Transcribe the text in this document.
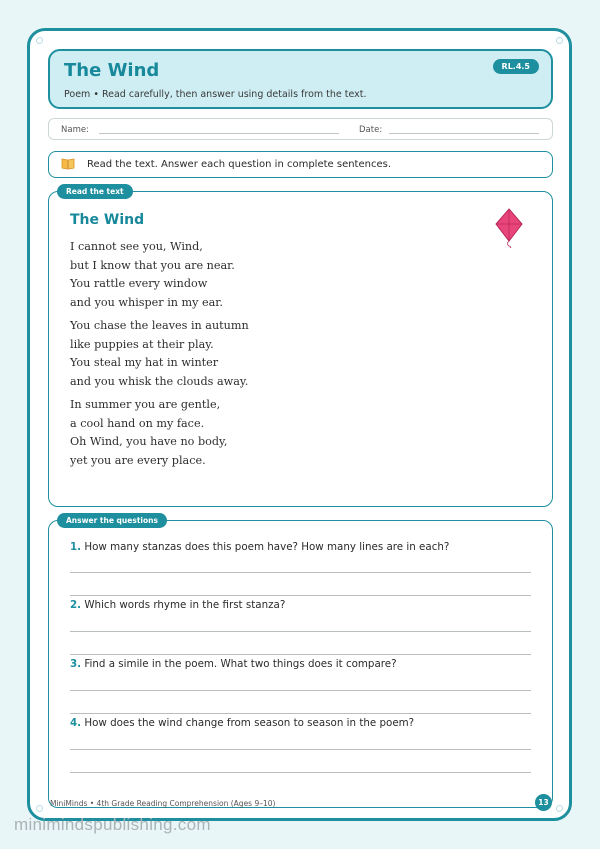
The Wind
Poem • Read carefully, then answer using details from the text.
RL.4.5
Name:	Date:
Read the text. Answer each question in complete sentences.
Read the text
The Wind
I cannot see you, Wind,
but I know that you are near.
You rattle every window
and you whisper in my ear.
You chase the leaves in autumn
like puppies at their play.
You steal my hat in winter
and you whisk the clouds away.
In summer you are gentle,
a cool hand on my face.
Oh Wind, you have no body,
yet you are every place.
Answer the questions
1. How many stanzas does this poem have? How many lines are in each?
2. Which words rhyme in the first stanza?
3. Find a simile in the poem. What two things does it compare?
4. How does the wind change from season to season in the poem?
MiniMinds • 4th Grade Reading Comprehension (Ages 9–10)	13
minimindspublishing.com
